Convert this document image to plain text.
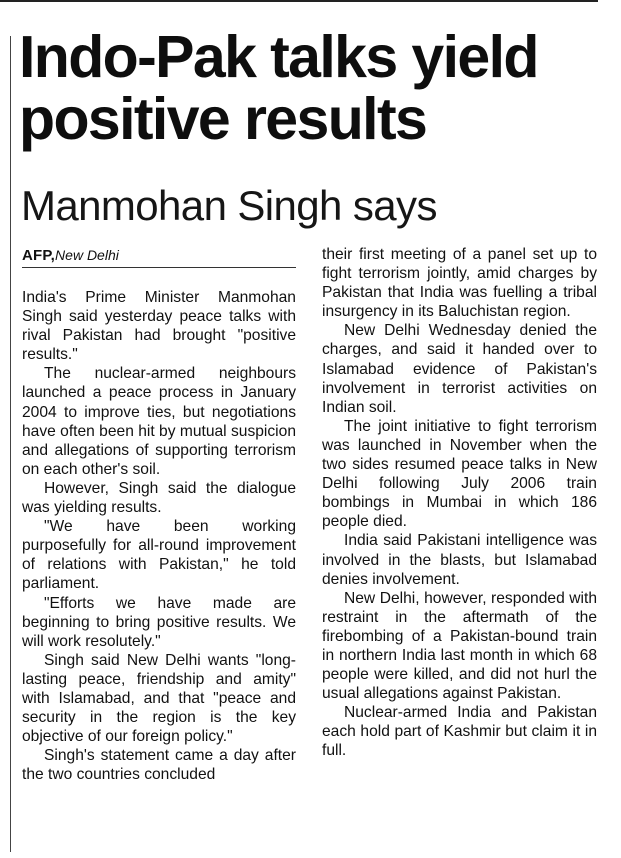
Indo-Pak talks yield
positive results
Manmohan Singh says
AFP,New Delhi

India's Prime Minister Manmohan Singh said yesterday peace talks with rival Pakistan had brought "positive results."

The nuclear-armed neighbours launched a peace process in January 2004 to improve ties, but negotiations have often been hit by mutual suspicion and allegations of supporting terrorism on each other's soil.

However, Singh said the dialogue was yielding results.

"We have been working purposefully for all-round improvement of relations with Pakistan," he told parliament.

"Efforts we have made are beginning to bring positive results. We will work resolutely."

Singh said New Delhi wants "long-lasting peace, friendship and amity" with Islamabad, and that "peace and security in the region is the key objective of our foreign policy."

Singh's statement came a day after the two countries concluded

their first meeting of a panel set up to fight terrorism jointly, amid charges by Pakistan that India was fuelling a tribal insurgency in its Baluchistan region.

New Delhi Wednesday denied the charges, and said it handed over to Islamabad evidence of Pakistan's involvement in terrorist activities on Indian soil.

The joint initiative to fight terrorism was launched in November when the two sides resumed peace talks in New Delhi following July 2006 train bombings in Mumbai in which 186 people died.

India said Pakistani intelligence was involved in the blasts, but Islamabad denies involvement.

New Delhi, however, responded with restraint in the aftermath of the firebombing of a Pakistan-bound train in northern India last month in which 68 people were killed, and did not hurl the usual allegations against Pakistan.

Nuclear-armed India and Pakistan each hold part of Kashmir but claim it in full.
